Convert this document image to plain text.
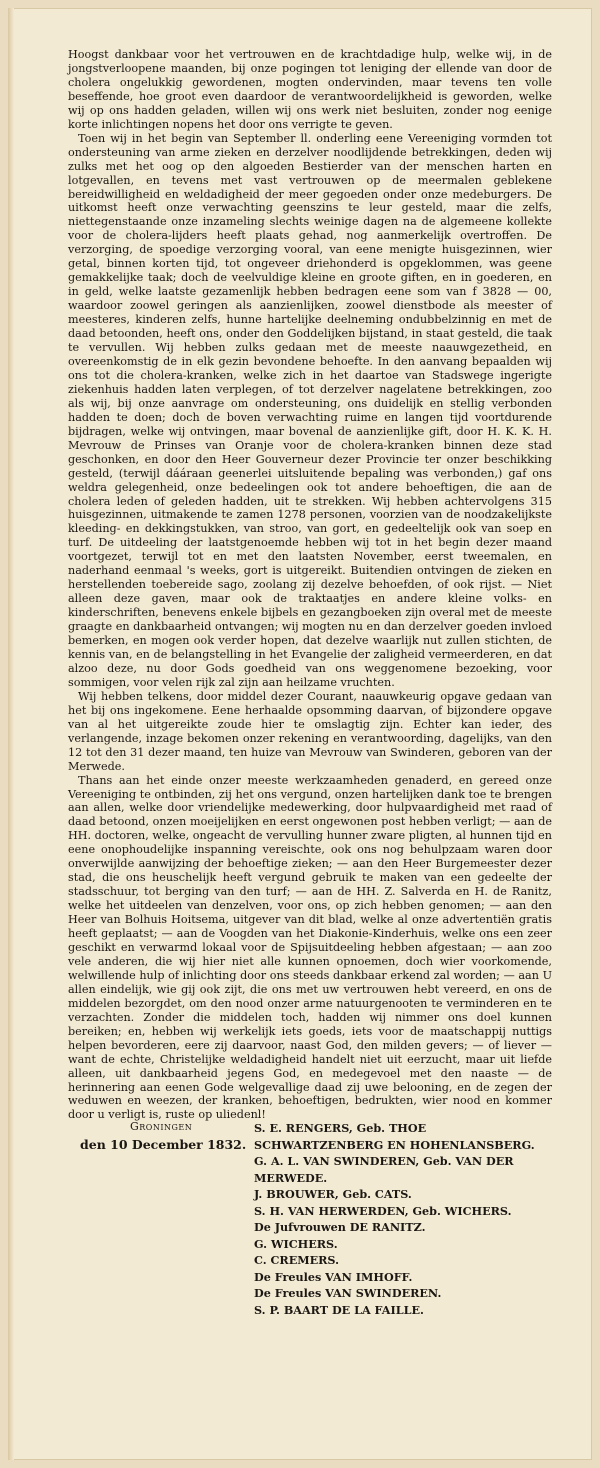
Hoogst dankbaar voor het vertrouwen en de krachtdadige hulp, welke wij, in de jongstverloopene maanden, bij onze pogingen tot leniging der ellende van door de cholera ongelukkig gewordenen, mogten ondervinden, maar tevens ten volle beseffende, hoe groot even daardoor de verantwoordelijkheid is geworden, welke wij op ons hadden geladen, willen wij ons werk niet besluiten, zonder nog eenige korte inlichtingen nopens het door ons verrigte te geven.

Toen wij in het begin van September ll. onderling eene Vereeniging vormden tot ondersteuning van arme zieken en derzelver noodlijdende betrekkingen, deden wij zulks met het oog op den algoeden Bestierder van der menschen harten en lotgevallen, en tevens met vast vertrouwen op de meermalen geblekene bereidwilligheid en weldadigheid der meer gegoeden onder onze medeburgers. De uitkomst heeft onze verwachting geenszins te leur gesteld, maar die zelfs, niettegenstaande onze inzameling slechts weinige dagen na de algemeene kollekte voor de cholera-lijders heeft plaats gehad, nog aanmerkelijk overtroffen. De verzorging, de spoedige verzorging vooral, van eene menigte huisgezinnen, wier getal, binnen korten tijd, tot ongeveer driehonderd is opgeklommen, was geene gemakkelijke taak; doch de veelvuldige kleine en groote giften, en in goederen, en in geld, welke laatste gezamenlijk hebben bedragen eene som van f 3828 — 00, waardoor zoowel geringen als aanzienlijken, zoowel dienstbode als meester of meesteres, kinderen zelfs, hunne hartelijke deelneming ondubbelzinnig en met de daad betoonden, heeft ons, onder den Goddelijken bijstand, in staat gesteld, die taak te vervullen. Wij hebben zulks gedaan met de meeste naauwgezetheid, en overeenkomstig de in elk gezin bevondene behoefte. In den aanvang bepaalden wij ons tot die cholera-kranken, welke zich in het daartoe van Stadswege ingerigte ziekenhuis hadden laten verplegen, of tot derzelver nagelatene betrekkingen, zoo als wij, bij onze aanvrage om ondersteuning, ons duidelijk en stellig verbonden hadden te doen; doch de boven verwachting ruime en langen tijd voortdurende bijdragen, welke wij ontvingen, maar bovenal de aanzienlijke gift, door H. K. K. H. Mevrouw de Prinses van Oranje voor de cholera-kranken binnen deze stad geschonken, en door den Heer Gouverneur dezer Provincie ter onzer beschikking gesteld, (terwijl dááraan geenerlei uitsluitende bepaling was verbonden,) gaf ons weldra gelegenheid, onze bedeelingen ook tot andere behoeftigen, die aan de cholera leden of geleden hadden, uit te strekken. Wij hebben achtervolgens 315 huisgezinnen, uitmakende te zamen 1278 personen, voorzien van de noodzakelijkste kleeding- en dekkingstukken, van stroo, van gort, en gedeeltelijk ook van soep en turf. De uitdeeling der laatstgenoemde hebben wij tot in het begin dezer maand voortgezet, terwijl tot en met den laatsten November, eerst tweemalen, en naderhand eenmaal 's weeks, gort is uitgereikt. Buitendien ontvingen de zieken en herstellenden toebereide sago, zoolang zij dezelve behoefden, of ook rijst. — Niet alleen deze gaven, maar ook de traktaatjes en andere kleine volks- en kinderschriften, benevens enkele bijbels en gezangboeken zijn overal met de meeste graagte en dankbaarheid ontvangen; wij mogten nu en dan derzelver goeden invloed bemerken, en mogen ook verder hopen, dat dezelve waarlijk nut zullen stichten, de kennis van, en de belangstelling in het Evangelie der zaligheid vermeerderen, en dat alzoo deze, nu door Gods goedheid van ons weggenomene bezoeking, voor sommigen, voor velen rijk zal zijn aan heilzame vruchten.

Wij hebben telkens, door middel dezer Courant, naauwkeurig opgave gedaan van het bij ons ingekomene. Eene herhaalde opsomming daarvan, of bijzondere opgave van al het uitgereikte zoude hier te omslagtig zijn. Echter kan ieder, des verlangende, inzage bekomen onzer rekening en verantwoording, dagelijks, van den 12 tot den 31 dezer maand, ten huize van Mevrouw van Swinderen, geboren van der Merwede.

Thans aan het einde onzer meeste werkzaamheden genaderd, en gereed onze Vereeniging te ontbinden, zij het ons vergund, onzen hartelijken dank toe te brengen aan allen, welke door vriendelijke medewerking, door hulpvaardigheid met raad of daad betoond, onzen moeijelijken en eerst ongewonen post hebben verligt; — aan de HH. doctoren, welke, ongeacht de vervulling hunner zware pligten, al hunnen tijd en eene onophoudelijke inspanning vereischte, ook ons nog behulpzaam waren door onverwijlde aanwijzing der behoeftige zieken; — aan den Heer Burgemeester dezer stad, die ons heuschelijk heeft vergund gebruik te maken van een gedeelte der stadsschuur, tot berging van den turf; — aan de HH. Z. Salverda en H. de Ranitz, welke het uitdeelen van denzelven, voor ons, op zich hebben genomen; — aan den Heer van Bolhuis Hoitsema, uitgever van dit blad, welke al onze advertentiën gratis heeft geplaatst; — aan de Voogden van het Diakonie-Kinderhuis, welke ons een zeer geschikt en verwarmd lokaal voor de Spijsuitdeeling hebben afgestaan; — aan zoo vele anderen, die wij hier niet alle kunnen opnoemen, doch wier voorkomende, welwillende hulp of inlichting door ons steeds dankbaar erkend zal worden; — aan U allen eindelijk, wie gij ook zijt, die ons met uw vertrouwen hebt vereerd, en ons de middelen bezorgdet, om den nood onzer arme natuurgenooten te verminderen en te verzachten. Zonder die middelen toch, hadden wij nimmer ons doel kunnen bereiken; en, hebben wij werkelijk iets goeds, iets voor de maatschappij nuttigs helpen bevorderen, eere zij daarvoor, naast God, den milden gevers; — of liever — want de echte, Christelijke weldadigheid handelt niet uit eerzucht, maar uit liefde alleen, uit dankbaarheid jegens God, en medegevoel met den naaste — de herinnering aan eenen Gode welgevallige daad zij uwe belooning, en de zegen der weduwen en weezen, der kranken, behoeftigen, bedrukten, wier nood en kommer door u verligt is, ruste op uliedenl!

Groningen
den 10 December 1832.
S. E. RENGERS, Geb. THOE SCHWARTZENBERG EN HOHENLANSBERG.
G. A. L. VAN SWINDEREN, Geb. VAN DER MERWEDE.
J. BROUWER, Geb. CATS.
S. H. VAN HERWERDEN, Geb. WICHERS.
De Jufvrouwen DE RANITZ.
G. WICHERS.
C. CREMERS.
De Freules VAN IMHOFF.
De Freules VAN SWINDEREN.
S. P. BAART DE LA FAILLE.
